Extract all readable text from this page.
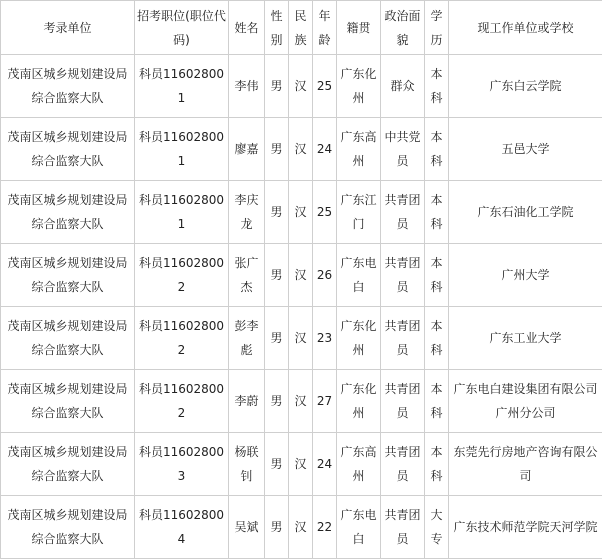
考录单位	招考职位(职位代码)	姓名	性别	民族	年龄	籍贯	政治面貌	学历	现工作单位或学校
茂南区城乡规划建设局综合监察大队	科员116028001	李伟	男	汉	25	广东化州	群众	本科	广东白云学院
茂南区城乡规划建设局综合监察大队	科员116028001	廖嘉	男	汉	24	广东高州	中共党员	本科	五邑大学
茂南区城乡规划建设局综合监察大队	科员116028001	李庆龙	男	汉	25	广东江门	共青团员	本科	广东石油化工学院
茂南区城乡规划建设局综合监察大队	科员116028002	张广杰	男	汉	26	广东电白	共青团员	本科	广州大学
茂南区城乡规划建设局综合监察大队	科员116028002	彭李彪	男	汉	23	广东化州	共青团员	本科	广东工业大学
茂南区城乡规划建设局综合监察大队	科员116028002	李蔚	男	汉	27	广东化州	共青团员	本科	广东电白建设集团有限公司广州分公司
茂南区城乡规划建设局综合监察大队	科员116028003	杨联钊	男	汉	24	广东高州	共青团员	本科	东莞先行房地产咨询有限公司
茂南区城乡规划建设局综合监察大队	科员116028004	吴斌	男	汉	22	广东电白	共青团员	大专	广东技术师范学院天河学院
